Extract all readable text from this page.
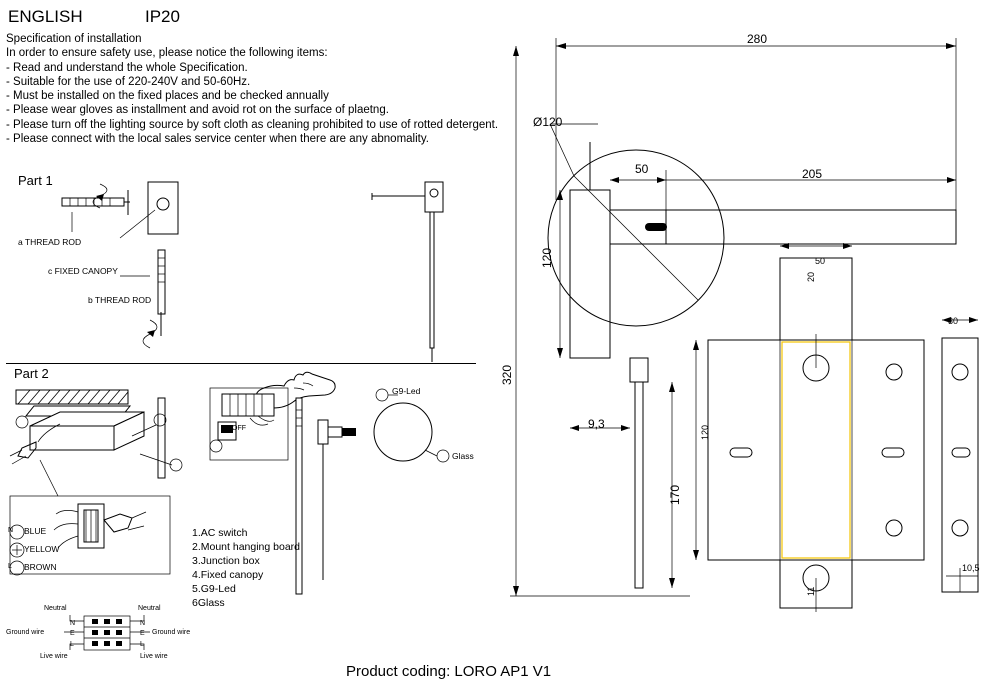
ENGLISH	IP20
Specification of installation
In order to ensure safety use, please notice the following items:
- Read and understand the whole Specification.
- Suitable for the use of 220-240V and 50-60Hz.
- Must be installed on the fixed places and be checked annually
- Please wear gloves as installment and avoid rot on the surface of plaetng.
- Please turn off the lighting source by soft cloth as cleaning prohibited to use of rotted detergent.
- Please connect with the local sales service center when there are any abnomality.
Part 1
a THREAD ROD
c FIXED CANOPY
b THREAD ROD
Part 2
OFF
G9-Led
Glass
N
L
BLUE
YELLOW
BROWN
1.AC switch
2.Mount hanging board
3.Junction box
4.Fixed canopy
5.G9-Led
6Glass
Neutral
Ground wire
Live wire
N
E
L
Neutral
Ground wire
Live wire
N
E
L
280
Ø120
50	205
120
320
170
9,3
50
120
30
20
11
10,5
Product coding: LORO AP1 V1
